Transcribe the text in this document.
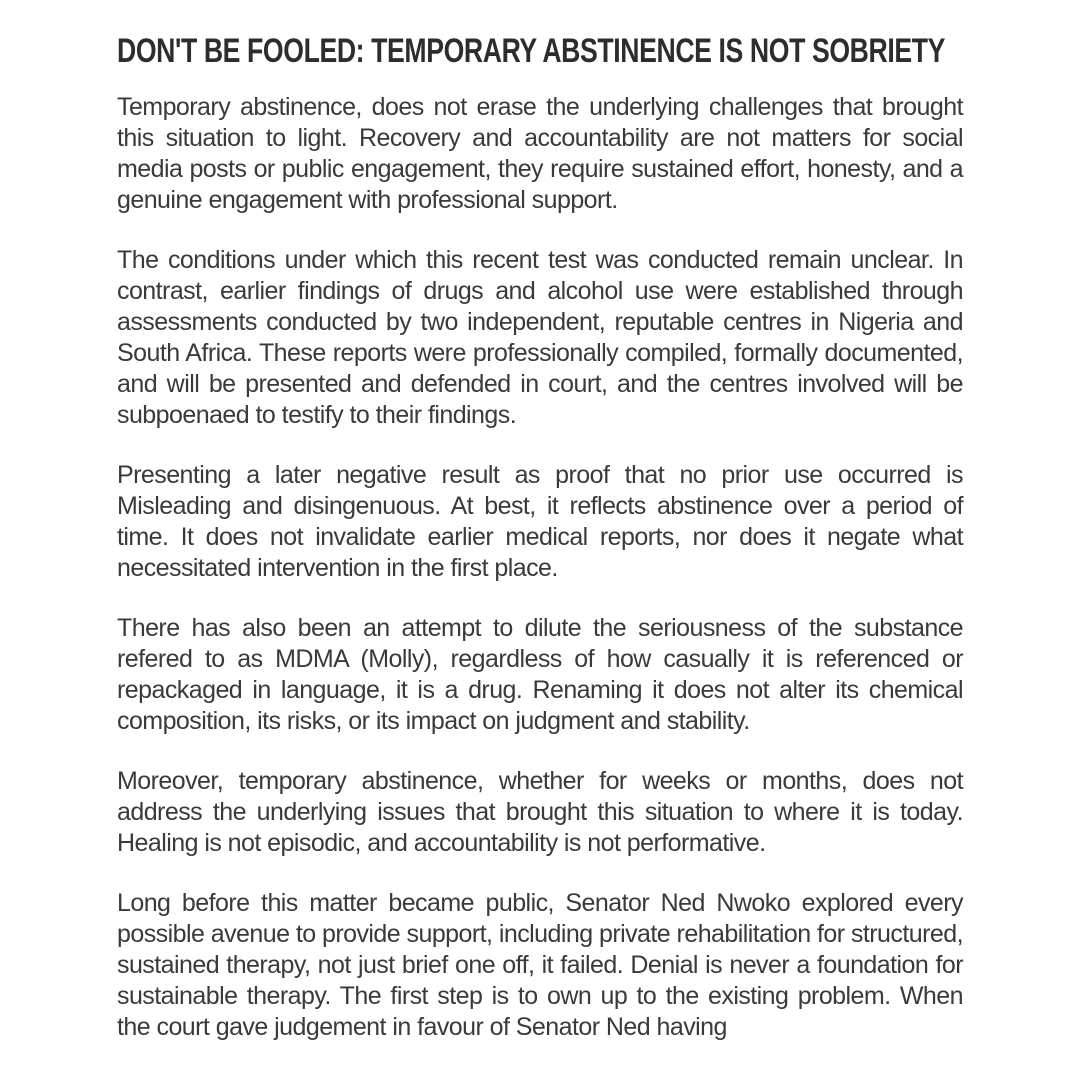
DON'T BE FOOLED: TEMPORARY ABSTINENCE IS NOT SOBRIETY

Temporary abstinence, does not erase the underlying challenges that brought this situation to light. Recovery and accountability are not matters for social media posts or public engagement, they require sustained effort, honesty, and a genuine engagement with professional support.

The conditions under which this recent test was conducted remain unclear. In contrast, earlier findings of drugs and alcohol use were established through assessments conducted by two independent, reputable centres in Nigeria and South Africa. These reports were professionally compiled, formally documented, and will be presented and defended in court, and the centres involved will be subpoenaed to testify to their findings.

Presenting a later negative result as proof that no prior use occurred is Misleading and disingenuous. At best, it reflects abstinence over a period of time. It does not invalidate earlier medical reports, nor does it negate what necessitated intervention in the first place.

There has also been an attempt to dilute the seriousness of the substance refered to as MDMA (Molly), regardless of how casually it is referenced or repackaged in language, it is a drug. Renaming it does not alter its chemical composition, its risks, or its impact on judgment and stability.

Moreover, temporary abstinence, whether for weeks or months, does not address the underlying issues that brought this situation to where it is today. Healing is not episodic, and accountability is not performative.

Long before this matter became public, Senator Ned Nwoko explored every possible avenue to provide support, including private rehabilitation for structured, sustained therapy, not just brief one off, it failed. Denial is never a foundation for sustainable therapy. The first step is to own up to the existing problem. When the court gave judgement in favour of Senator Ned having
